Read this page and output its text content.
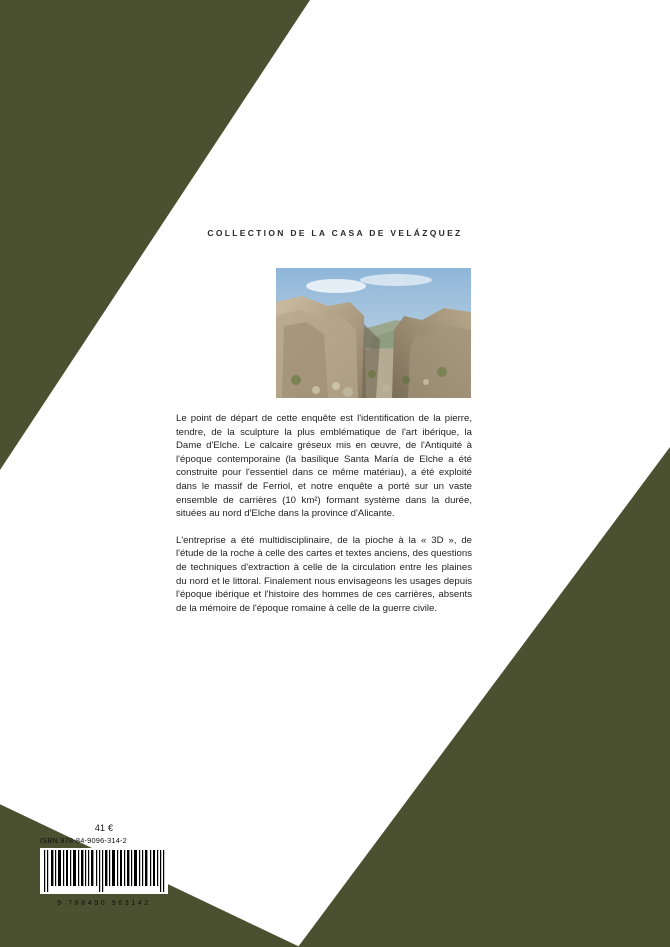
COLLECTION DE LA CASA DE VELÁZQUEZ

Le point de départ de cette enquête est l'identification de la pierre, tendre, de la sculpture la plus emblématique de l'art ibérique, la Dame d'Elche. Le calcaire gréseux mis en œuvre, de l'Antiquité à l'époque contemporaine (la basilique Santa María de Elche a été construite pour l'essentiel dans ce même matériau), a été exploité dans le massif de Ferriol, et notre enquête a porté sur un vaste ensemble de carrières (10 km²) formant système dans la durée, situées au nord d'Elche dans la province d'Alicante.

L'entreprise a été multidisciplinaire, de la pioche à la « 3D », de l'étude de la roche à celle des cartes et textes anciens, des questions de techniques d'extraction à celle de la circulation entre les plaines du nord et le littoral. Finalement nous envisageons les usages depuis l'époque ibérique et l'histoire des hommes de ces carrières, absents de la mémoire de l'époque romaine à celle de la guerre civile.

41 €
ISBN 978-84-9096-314-2
9 788490 963142
